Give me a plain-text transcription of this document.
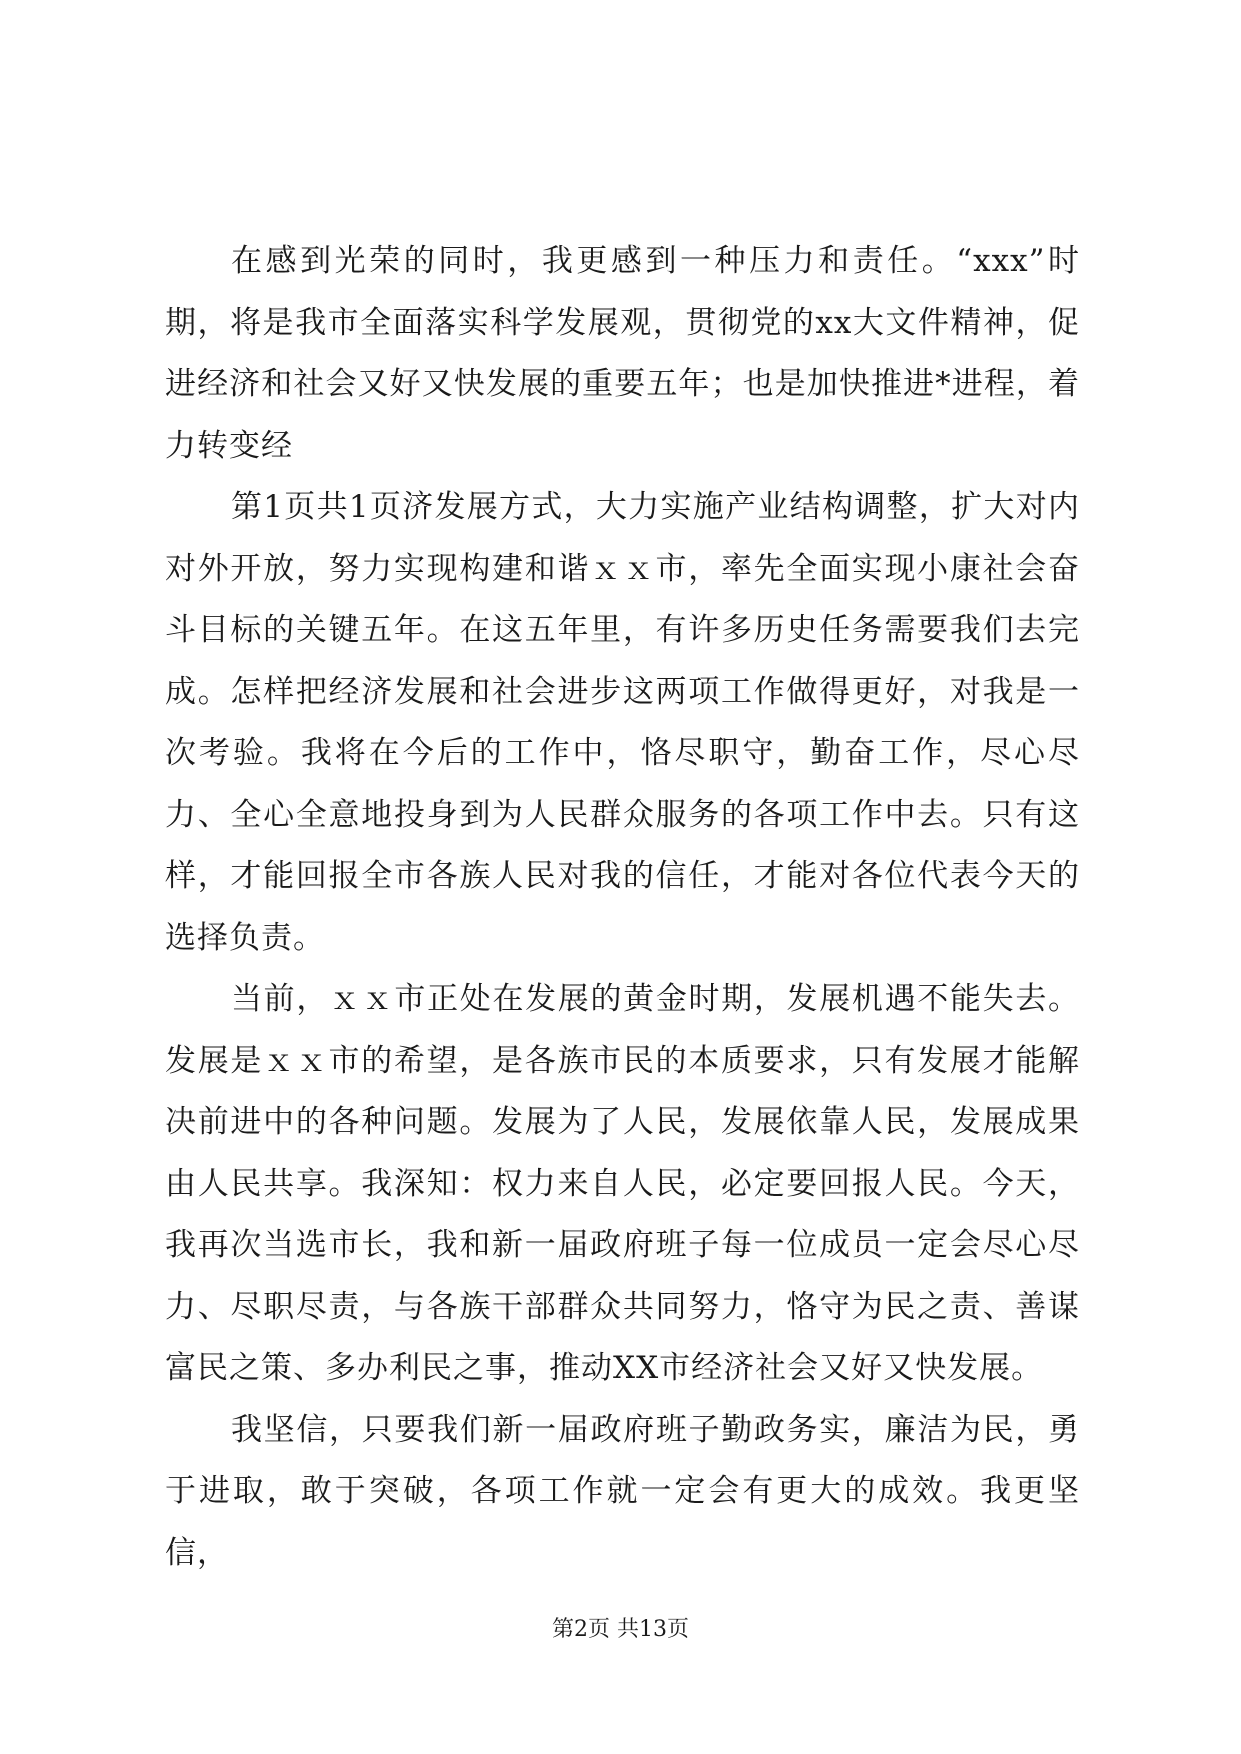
在感到光荣的同时，我更感到一种压力和责任。“xxx”时期，将是我市全面落实科学发展观，贯彻党的xx大文件精神，促进经济和社会又好又快发展的重要五年；也是加快推进*进程，着力转变经

第1页共1页济发展方式，大力实施产业结构调整，扩大对内对外开放，努力实现构建和谐ｘｘ市，率先全面实现小康社会奋斗目标的关键五年。在这五年里，有许多历史任务需要我们去完成。怎样把经济发展和社会进步这两项工作做得更好，对我是一次考验。我将在今后的工作中，恪尽职守，勤奋工作，尽心尽力、全心全意地投身到为人民群众服务的各项工作中去。只有这样，才能回报全市各族人民对我的信任，才能对各位代表今天的选择负责。

当前，ｘｘ市正处在发展的黄金时期，发展机遇不能失去。发展是ｘｘ市的希望，是各族市民的本质要求，只有发展才能解决前进中的各种问题。发展为了人民，发展依靠人民，发展成果由人民共享。我深知：权力来自人民，必定要回报人民。今天，我再次当选市长，我和新一届政府班子每一位成员一定会尽心尽力、尽职尽责，与各族干部群众共同努力，恪守为民之责、善谋富民之策、多办利民之事，推动XX市经济社会又好又快发展。

我坚信，只要我们新一届政府班子勤政务实，廉洁为民，勇于进取，敢于突破，各项工作就一定会有更大的成效。我更坚信，

第2页 共13页
